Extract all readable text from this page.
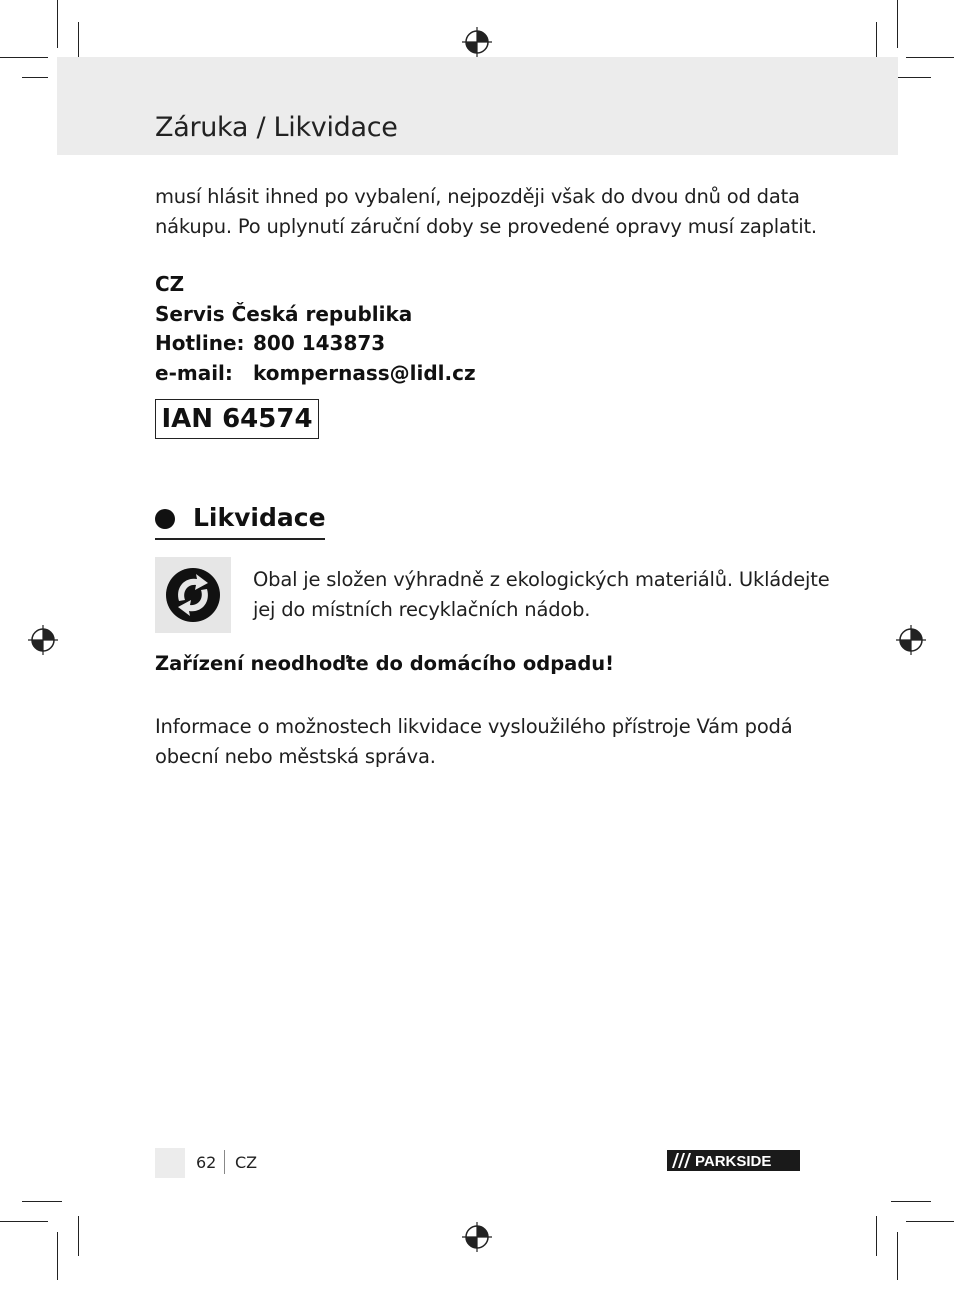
Záruka / Likvidace

musí hlásit ihned po vybalení, nejpozději však do dvou dnů od data
nákupu. Po uplynutí záruční doby se provedené opravy musí zaplatit.

CZ
Servis Česká republika
Hotline: 800 143873
e-mail: kompernass@lidl.cz
IAN 64574
Likvidace

Obal je složen výhradně z ekologických materiálů. Ukládejte
jej do místních recyklačních nádob.

Zařízení neodhoďte do domácího odpadu!

Informace o možnostech likvidace vysloužilého přístroje Vám podá
obecní nebo městská správa.

62 CZ	PARKSIDE
